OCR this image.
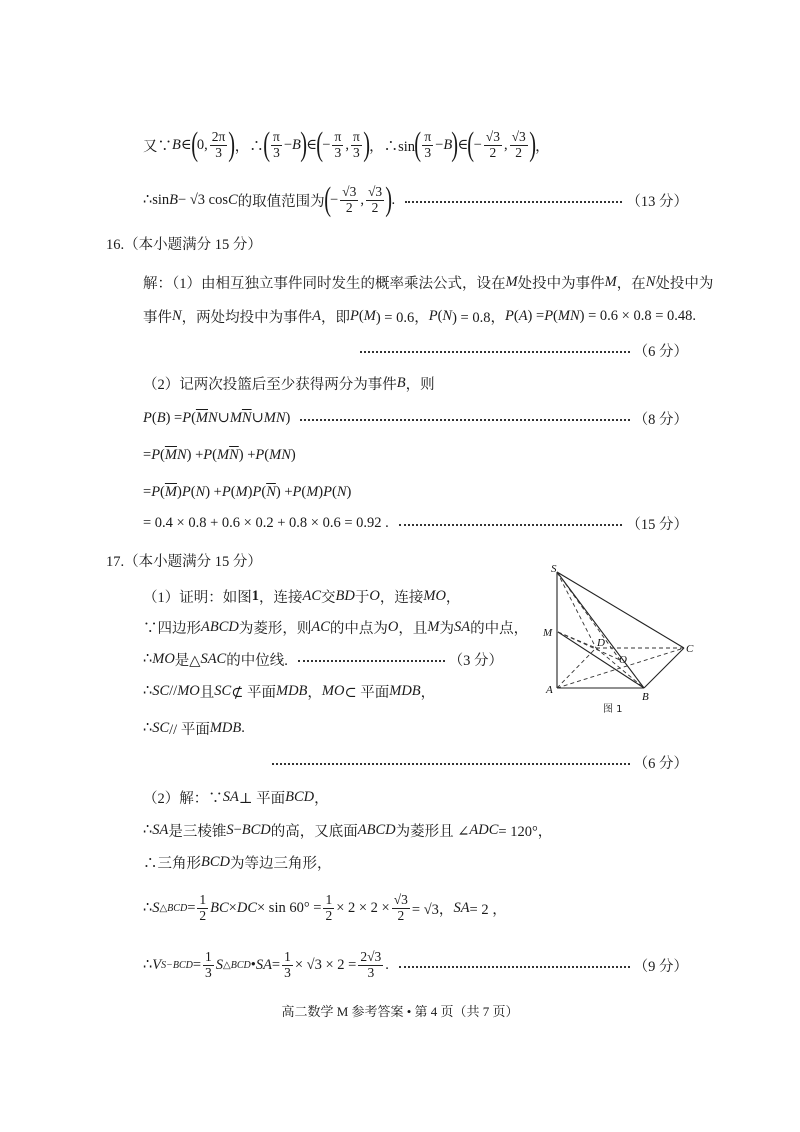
又∵ B ∈ ( 0, $\frac{2\pi}{3}$ ) ，∴ ( $\frac{\pi}{3} - B$ ) ∈ ( − $\frac{\pi}{3}$ , $\frac{\pi}{3}$ ) ，∴sin ( $\frac{\pi}{3} - B$ ) ∈ ( − $\frac{√3}{2}$ , $\frac{√3}{2}$ ) ，
∴sin B − √3 cos C 的取值范围为 ( − $\frac{√3}{2}$ , $\frac{√3}{2}$ ) .	（13 分）
16.（本小题满分 15 分）
解：（1）由相互独立事件同时发生的概率乘法公式，设在 M 处投中为事件 M ，在 N 处投中为
事件 N ，两处均投中为事件 A ，即 P ( M ) = 0.6， P ( N ) = 0.8， P ( A ) = P ( MN ) = 0.6 × 0.8 = 0.48.
（6 分）
（2）记两次投篮后至少获得两分为事件 B ，则
P ( B ) = P ( $\overline{M}$ N ∪ M $\overline{N}$ ∪ MN )	（8 分）
= P ( $\overline{M}$ N ) + P ( M $\overline{N}$ ) + P ( MN )
= P ( $\overline{M}$ ) P ( N ) + P ( M ) P ( $\overline{N}$ ) + P ( M ) P ( N )
= 0.4 × 0.8 + 0.6 × 0.2 + 0.8 × 0.6 = 0.92 .	（15 分）
17.（本小题满分 15 分）
（1）证明：如图 1 ，连接 AC 交 BD 于 O ，连接 MO ，
∵四边形 ABCD 为菱形，则 AC 的中点为 O ，且 M 为 SA 的中点，
∴ MO 是△ SAC 的中位线.	（3 分）
∴ SC // MO 且 SC ⊄ 平面 MDB ， MO ⊂ 平面 MDB ，
∴ SC // 平面 MDB .
（6 分）
（2）解：∵ SA ⊥ 平面 BCD ，
∴ SA 是三棱锥 S − BCD 的高，又底面 ABCD 为菱形且 ∠ ADC = 120°，
∴三角形 BCD 为等边三角形，
∴ S △BCD = $\frac{1}{2}$ BC × DC × $\sin 60^\circ = \frac{1}{2} \times 2 \times 2 \times \frac{√3}{2} = √3$， SA = 2 ，
∴ V $S-BCD = \frac{1}{3}$ S △BCD • SA = $\frac{1}{3} \times √3 \times 2 = \frac{2√3}{3}$ .	（9 分）
S
M
A
B
C
D
O
图 1
高二数学 M 参考答案 • 第 4 页（共 7 页）
